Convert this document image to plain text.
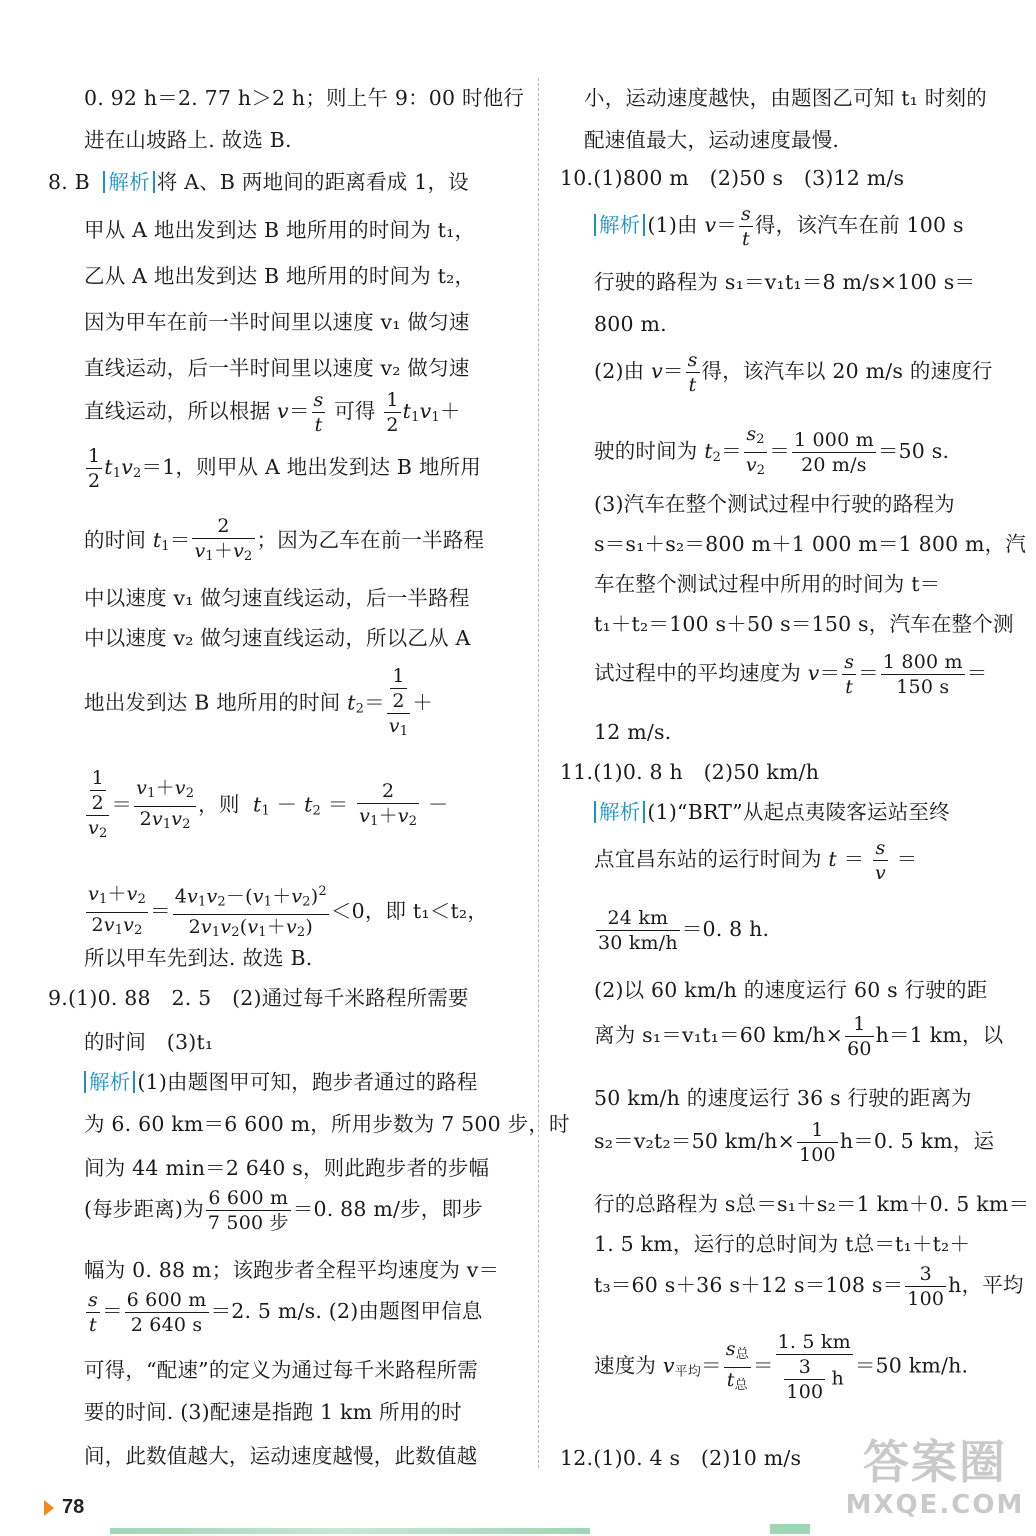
0. 92 h＝2. 77 h＞2 h；则上午 9：00 时他行
进在山坡路上. 故选 B.
8. B 解析 将 A、B 两地间的距离看成 1，设
甲从 A 地出发到达 B 地所用的时间为 t₁，
乙从 A 地出发到达 B 地所用的时间为 t₂，
因为甲车在前一半时间里以速度 v₁ 做匀速
直线运动，后一半时间里以速度 v₂ 做匀速
直线运动，所以根据 $v= \frac{s}{t}$ 可得 $\frac{1}{2} t_1v_1+$
$\frac{1}{2} t_1v_2=1$，则甲从 A 地出发到达 B 地所用
的时间 $t_1= \frac{2}{v_1+v_2}$ ；因为乙车在前一半路程
中以速度 v₁ 做匀速直线运动，后一半路程
中以速度 v₂ 做匀速直线运动，所以乙从 A
地出发到达 B 地所用的时间 $t_2= \frac{\frac{1}{2}}{v_1}$ ＋
$\frac{\frac{1}{2}}{v_2} = \frac{v_1+v_2}{2v_1v_2}$ ，则 $t_1 - t_2 = \frac{2}{v_1+v_2}$ －
$\frac{v_1+v_2}{2v_1v_2} = \frac{4v_1v_2-(v_1+v_2)^2}{2v_1v_2(v_1+v_2)} <0$，即 t₁＜t₂，
所以甲车先到达. 故选 B.
9.(1)0. 88　2. 5　(2)通过每千米路程所需要
的时间　(3)t₁
解析 (1)由题图甲可知，跑步者通过的路程
为 6. 60 km＝6 600 m，所用步数为 7 500 步，时
间为 44 min＝2 640 s，则此跑步者的步幅
(每步距离)为 $\frac{6 600 m}{\text{7 500 步}} =0$. 88 m/步，即步
幅为 0. 88 m；该跑步者全程平均速度为 v＝
$\frac{s}{t} = \frac{6 600 m}{2 640 s} =2$. 5 m/s. (2)由题图甲信息
可得，“配速”的定义为通过每千米路程所需
要的时间. (3)配速是指跑 1 km 所用的时
间，此数值越大，运动速度越慢，此数值越
小，运动速度越快，由题图乙可知 t₁ 时刻的
配速值最大，运动速度最慢.
10.(1)800 m　(2)50 s　(3)12 m/s
解析 (1)由 $v= \frac{s}{t}$ 得，该汽车在前 100 s
行驶的路程为 s₁＝v₁t₁＝8 m/s×100 s＝
800 m.
(2)由 $v= \frac{s}{t}$ 得，该汽车以 20 m/s 的速度行
驶的时间为 $t_2= \frac{s_2}{v_2} = \frac{1 000 m}{20 m/s} =50$ s.
(3)汽车在整个测试过程中行驶的路程为
s＝s₁＋s₂＝800 m＋1 000 m＝1 800 m，汽
车在整个测试过程中所用的时间为 t＝
t₁＋t₂＝100 s＋50 s＝150 s，汽车在整个测
试过程中的平均速度为 $v= \frac{s}{t} = \frac{1 800 m}{150 s}$ ＝
12 m/s.
11.(1)0. 8 h　(2)50 km/h
解析 (1)“BRT”从起点夷陵客运站至终
点宜昌东站的运行时间为 $t = \frac{s}{v}$ ＝
$\frac{24 km}{30 km/h} =0$. 8 h.
(2)以 60 km/h 的速度运行 60 s 行驶的距
离为 s₁＝v₁t₁＝60 $km/h\times \frac{1}{60} h=1$ km，以
50 km/h 的速度运行 36 s 行驶的距离为
s₂＝v₂t₂＝50 $km/h\times \frac{1}{100} h=0$. 5 km，运
行的总路程为 s总＝s₁＋s₂＝1 km＋0. 5 km＝
1. 5 km，运行的总时间为 t总＝t₁＋t₂＋
t₃＝60 s＋36 s＋12 s＝108 $s= \frac{3}{100}$ h，平均
速度为 $v_{平均}= \frac{s_总}{t_总} = \frac{1. 5 km}{\frac{3}{100} h} =50$ km/h.
12.(1)0. 4 s　(2)10 m/s
78
答案圈
MXQE.COM
